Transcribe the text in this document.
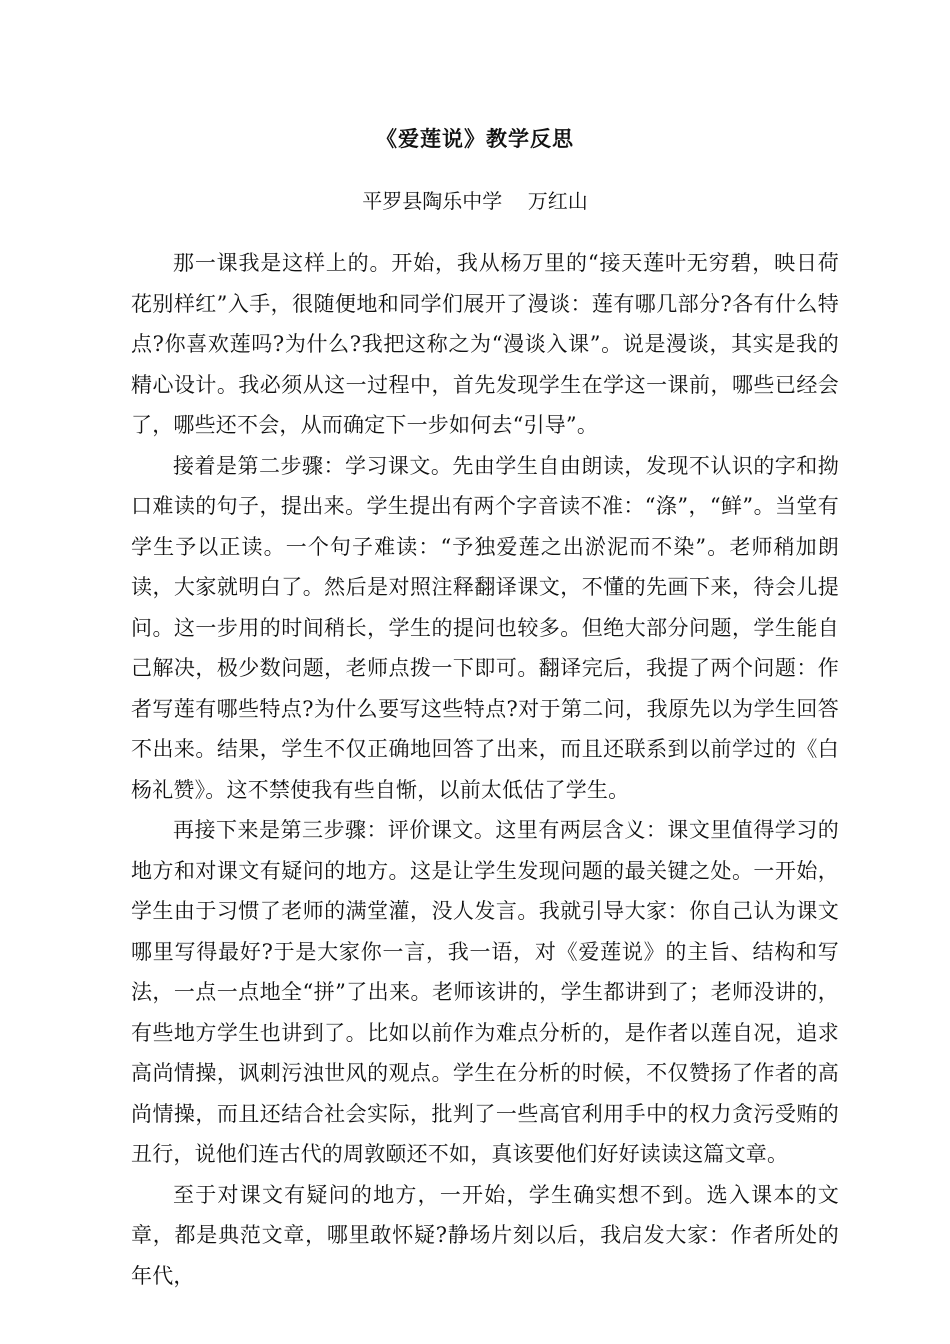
《爱莲说》教学反思
平罗县陶乐中学    万红山

那一课我是这样上的。开始，我从杨万里的“接天莲叶无穷碧，映日荷花别样红”入手，很随便地和同学们展开了漫谈：莲有哪几部分?各有什么特点?你喜欢莲吗?为什么?我把这称之为“漫谈入课”。说是漫谈，其实是我的精心设计。我必须从这一过程中，首先发现学生在学这一课前，哪些已经会了，哪些还不会，从而确定下一步如何去“引导”。

接着是第二步骤：学习课文。先由学生自由朗读，发现不认识的字和拗口难读的句子，提出来。学生提出有两个字音读不准：“涤”，“鲜”。当堂有学生予以正读。一个句子难读：“予独爱莲之出淤泥而不染”。老师稍加朗读，大家就明白了。然后是对照注释翻译课文，不懂的先画下来，待会儿提问。这一步用的时间稍长，学生的提问也较多。但绝大部分问题，学生能自己解决，极少数问题，老师点拨一下即可。翻译完后，我提了两个问题：作者写莲有哪些特点?为什么要写这些特点?对于第二问，我原先以为学生回答不出来。结果，学生不仅正确地回答了出来，而且还联系到以前学过的《白杨礼赞》。这不禁使我有些自惭，以前太低估了学生。

再接下来是第三步骤：评价课文。这里有两层含义：课文里值得学习的地方和对课文有疑问的地方。这是让学生发现问题的最关键之处。一开始，学生由于习惯了老师的满堂灌，没人发言。我就引导大家：你自己认为课文哪里写得最好?于是大家你一言，我一语，对《爱莲说》的主旨、结构和写法，一点一点地全“拼”了出来。老师该讲的，学生都讲到了；老师没讲的，有些地方学生也讲到了。比如以前作为难点分析的，是作者以莲自况，追求高尚情操，讽刺污浊世风的观点。学生在分析的时候，不仅赞扬了作者的高尚情操，而且还结合社会实际，批判了一些高官利用手中的权力贪污受贿的丑行，说他们连古代的周敦颐还不如，真该要他们好好读读这篇文章。

至于对课文有疑问的地方，一开始，学生确实想不到。选入课本的文章，都是典范文章，哪里敢怀疑?静场片刻以后，我启发大家：作者所处的年代，
